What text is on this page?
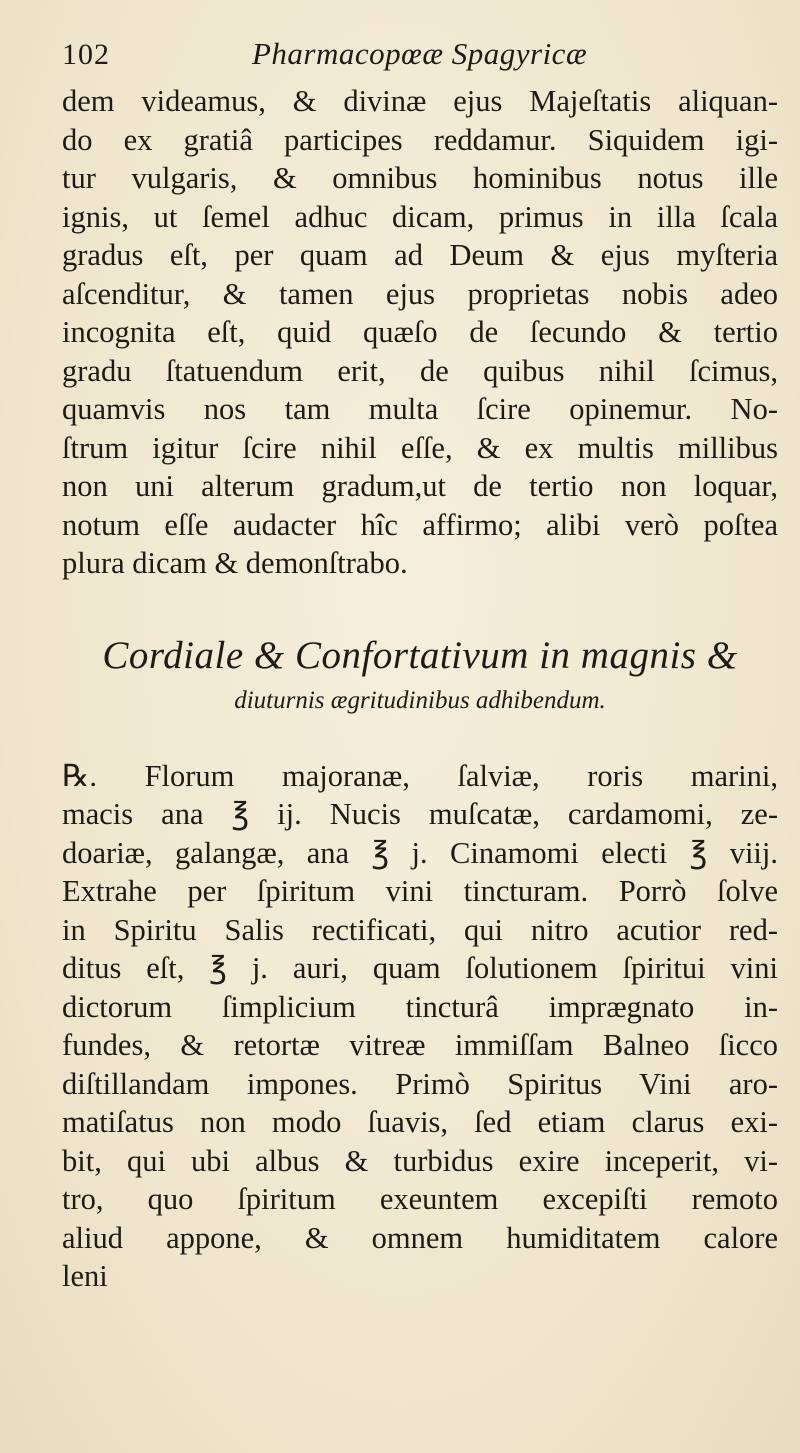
102	Pharmacopœæ Spagyricæ

dem videamus, & divinæ ejus Majeſtatis aliquan-
do ex gratiâ participes reddamur. Siquidem igi-
tur vulgaris, & omnibus hominibus notus ille
ignis, ut ſemel adhuc dicam, primus in illa ſcala
gradus eſt, per quam ad Deum & ejus myſteria
aſcenditur, & tamen ejus proprietas nobis adeo
incognita eſt, quid quæſo de ſecundo & tertio
gradu ſtatuendum erit, de quibus nihil ſcimus,
quamvis nos tam multa ſcire opinemur. No-
ſtrum igitur ſcire nihil eſſe, & ex multis millibus
non uni alterum gradum,ut de tertio non loquar,
notum eſſe audacter hîc affirmo; alibi verò poſtea
plura dicam & demonſtrabo.

Cordiale & Confortativum in magnis &
diuturnis ægritudinibus adhibendum.

℞. Florum majoranæ, ſalviæ, roris marini,
macis ana ℥ ij. Nucis muſcatæ, cardamomi, ze-
doariæ, galangæ, ana ℥ j. Cinamomi electi ℥ viij.
Extrahe per ſpiritum vini tincturam. Porrò ſolve
in Spiritu Salis rectificati, qui nitro acutior red-
ditus eſt, ℥ j. auri, quam ſolutionem ſpiritui vini
dictorum ſimplicium tincturâ imprægnato in-
fundes, & retortæ vitreæ immiſſam Balneo ſicco
diſtillandam impones. Primò Spiritus Vini aro-
matiſatus non modo ſuavis, ſed etiam clarus exi-
bit, qui ubi albus & turbidus exire inceperit, vi-
tro, quo ſpiritum exeuntem excepiſti remoto
aliud appone, & omnem humiditatem calore
leni
